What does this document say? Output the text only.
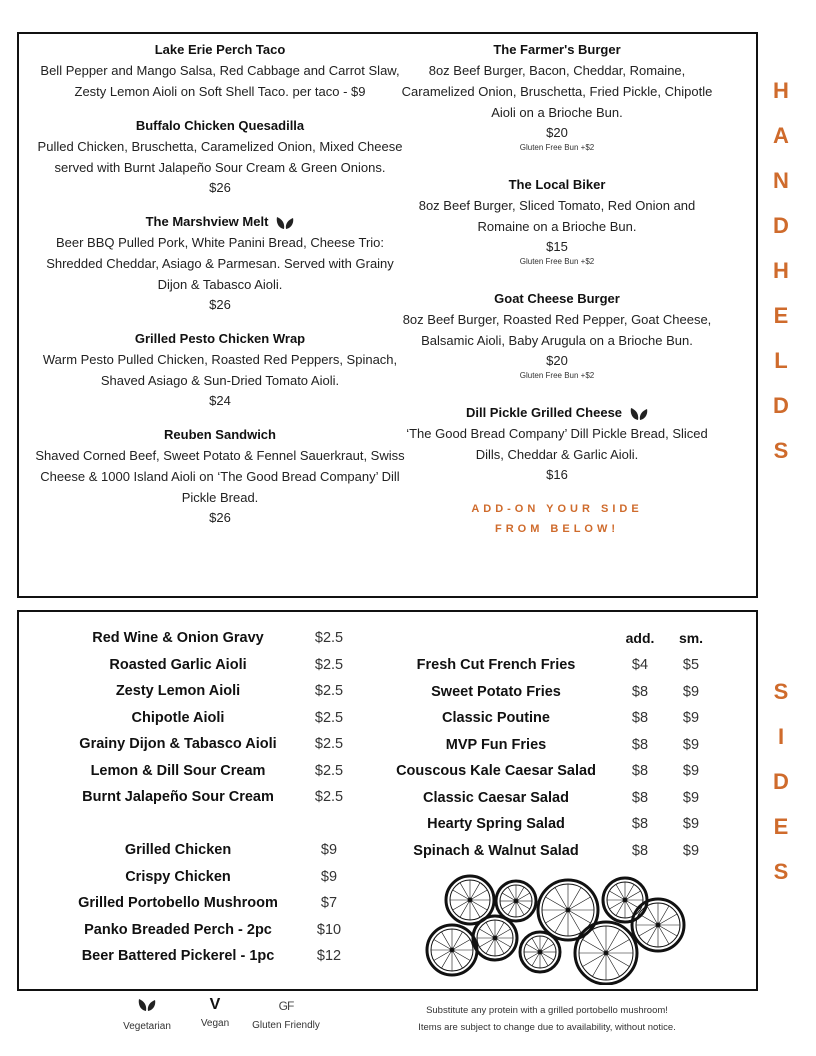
Lake Erie Perch Taco
Bell Pepper and Mango Salsa, Red Cabbage and Carrot Slaw, Zesty Lemon Aioli on Soft Shell Taco. per taco - $9
Buffalo Chicken Quesadilla
Pulled Chicken, Bruschetta, Caramelized Onion, Mixed Cheese served with Burnt Jalapeño Sour Cream & Green Onions.
$26
The Marshview Melt
Beer BBQ Pulled Pork, White Panini Bread, Cheese Trio: Shredded Cheddar, Asiago & Parmesan. Served with Grainy Dijon & Tabasco Aioli.
$26
Grilled Pesto Chicken Wrap
Warm Pesto Pulled Chicken, Roasted Red Peppers, Spinach, Shaved Asiago & Sun-Dried Tomato Aioli.
$24
Reuben Sandwich
Shaved Corned Beef, Sweet Potato & Fennel Sauerkraut, Swiss Cheese & 1000 Island Aioli on ‘The Good Bread Company’ Dill Pickle Bread.
$26
The Farmer's Burger
8oz Beef Burger, Bacon, Cheddar, Romaine, Caramelized Onion, Bruschetta, Fried Pickle, Chipotle Aioli on a Brioche Bun.
$20
Gluten Free Bun +$2
The Local Biker
8oz Beef Burger, Sliced Tomato, Red Onion and Romaine on a Brioche Bun.
$15
Gluten Free Bun +$2
Goat Cheese Burger
8oz Beef Burger, Roasted Red Pepper, Goat Cheese, Balsamic Aioli, Baby Arugula on a Brioche Bun.
$20
Gluten Free Bun +$2
Dill Pickle Grilled Cheese
‘The Good Bread Company’ Dill Pickle Bread, Sliced Dills, Cheddar & Garlic Aioli.
$16
ADD-ON YOUR SIDE
FROM BELOW!
H
A
N
D
H
E
L
D
S
S
I
D
E
S
Red Wine & Onion Gravy	$2.5
Roasted Garlic Aioli	$2.5
Zesty Lemon Aioli	$2.5
Chipotle Aioli	$2.5
Grainy Dijon & Tabasco Aioli	$2.5
Lemon & Dill Sour Cream	$2.5
Burnt Jalapeño Sour Cream	$2.5
Grilled Chicken	$9
Crispy Chicken	$9
Grilled Portobello Mushroom	$7
Panko Breaded Perch - 2pc	$10
Beer Battered Pickerel - 1pc	$12
add.	sm.
Fresh Cut French Fries	$4	$5
Sweet Potato Fries	$8	$9
Classic Poutine	$8	$9
MVP Fun Fries	$8	$9
Couscous Kale Caesar Salad	$8	$9
Classic Caesar Salad	$8	$9
Hearty Spring Salad	$8	$9
Spinach & Walnut Salad	$8	$9
Vegetarian
V
Vegan
GF
Gluten Friendly
Substitute any protein with a grilled portobello mushroom!
Items are subject to change due to availability, without notice.
